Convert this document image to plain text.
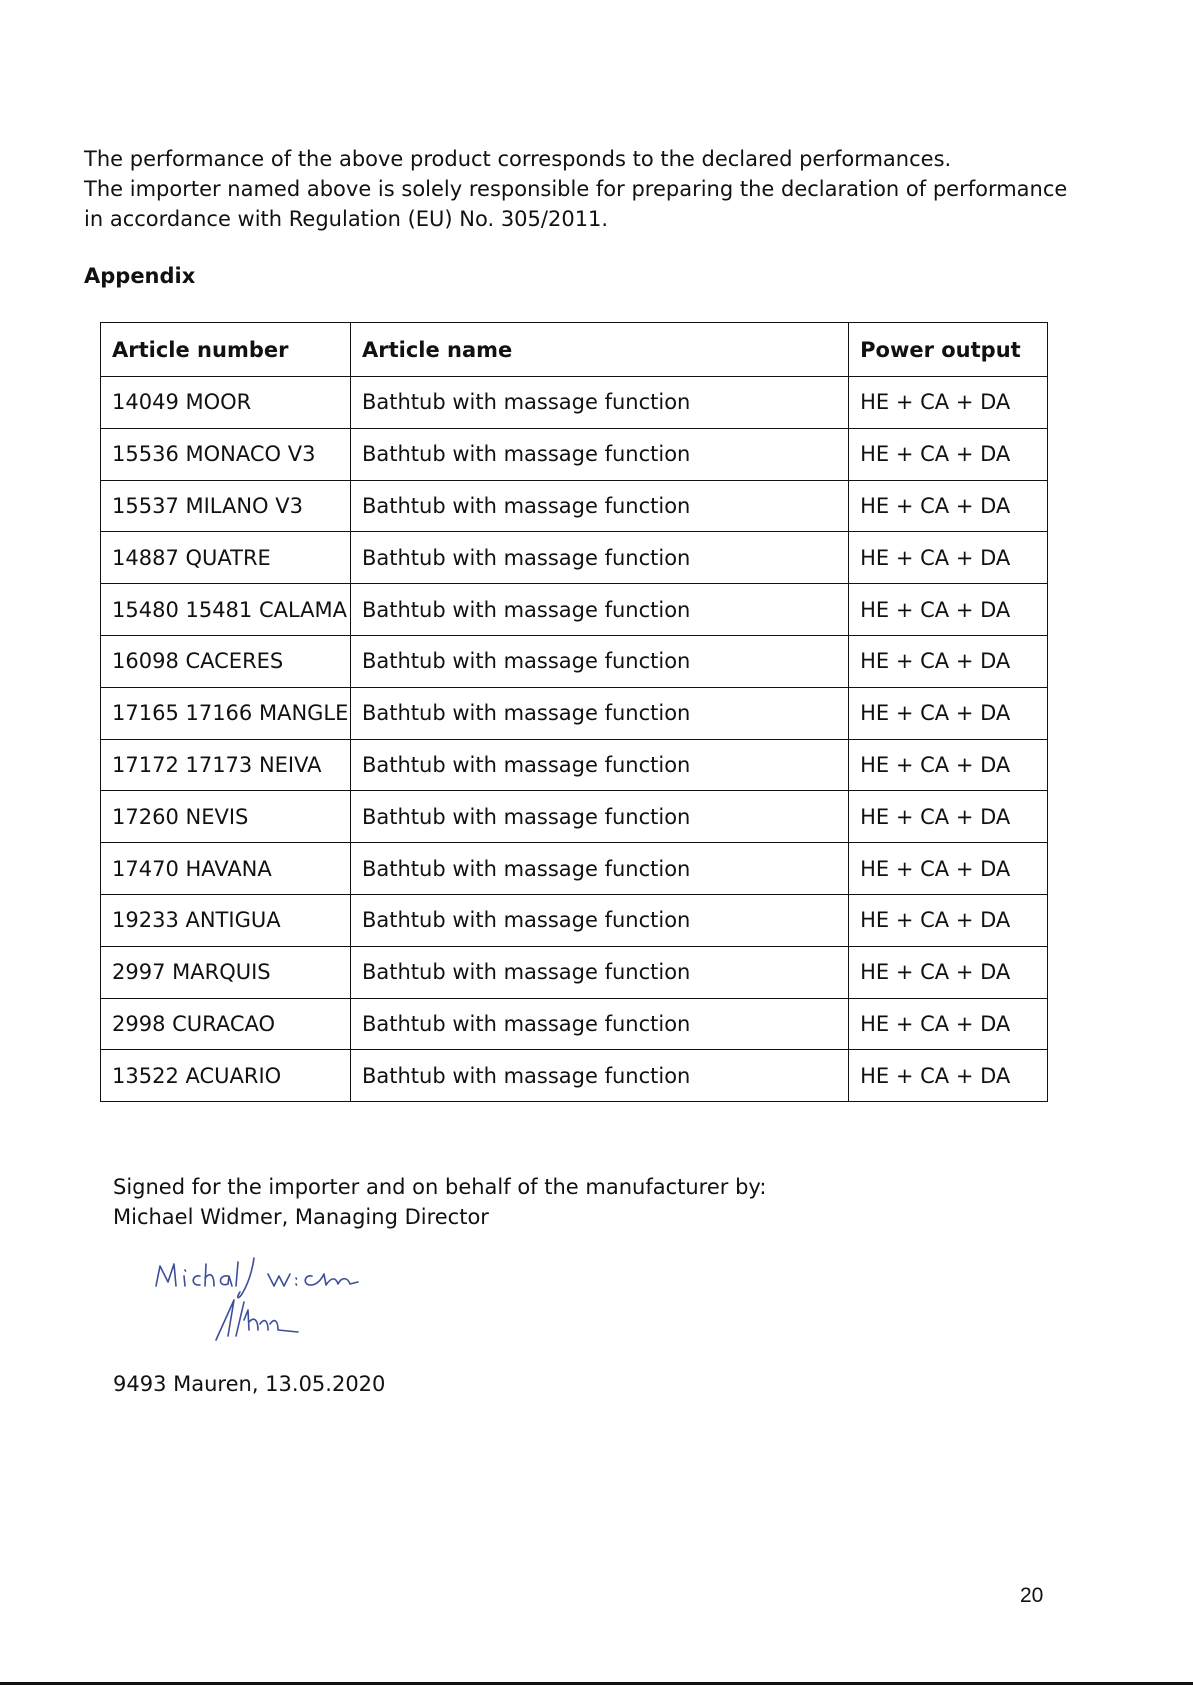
The performance of the above product corresponds to the declared performances.

The importer named above is solely responsible for preparing the declaration of performance

in accordance with Regulation (EU) No. 305/2011.

Appendix
Article number	Article name	Power output
14049 MOOR	Bathtub with massage function	HE + CA + DA
15536 MONACO V3	Bathtub with massage function	HE + CA + DA
15537 MILANO V3	Bathtub with massage function	HE + CA + DA
14887 QUATRE	Bathtub with massage function	HE + CA + DA
15480 15481 CALAMA	Bathtub with massage function	HE + CA + DA
16098 CACERES	Bathtub with massage function	HE + CA + DA
17165 17166 MANGLE	Bathtub with massage function	HE + CA + DA
17172 17173 NEIVA	Bathtub with massage function	HE + CA + DA
17260 NEVIS	Bathtub with massage function	HE + CA + DA
17470 HAVANA	Bathtub with massage function	HE + CA + DA
19233 ANTIGUA	Bathtub with massage function	HE + CA + DA
2997 MARQUIS	Bathtub with massage function	HE + CA + DA
2998 CURACAO	Bathtub with massage function	HE + CA + DA
13522 ACUARIO	Bathtub with massage function	HE + CA + DA

Signed for the importer and on behalf of the manufacturer by:

Michael Widmer, Managing Director

9493 Mauren, 13.05.2020

20
